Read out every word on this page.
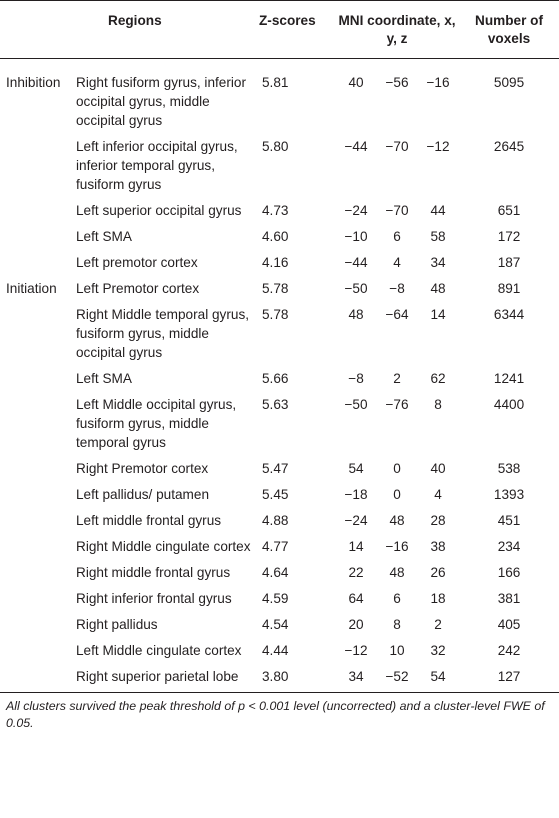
	Regions	Z-scores	MNI coordinate, x, y, z			Number of voxels
Inhibition	Right fusiform gyrus, inferior occipital gyrus, middle occipital gyrus	5.81	40	−56	−16	5095
	Left inferior occipital gyrus, inferior temporal gyrus, fusiform gyrus	5.80	−44	−70	−12	2645
	Left superior occipital gyrus	4.73	−24	−70	44	651
	Left SMA	4.60	−10	6	58	172
	Left premotor cortex	4.16	−44	4	34	187
Initiation	Left Premotor cortex	5.78	−50	−8	48	891
	Right Middle temporal gyrus, fusiform gyrus, middle occipital gyrus	5.78	48	−64	14	6344
	Left SMA	5.66	−8	2	62	1241
	Left Middle occipital gyrus, fusiform gyrus, middle temporal gyrus	5.63	−50	−76	8	4400
	Right Premotor cortex	5.47	54	0	40	538
	Left pallidus/ putamen	5.45	−18	0	4	1393
	Left middle frontal gyrus	4.88	−24	48	28	451
	Right Middle cingulate cortex	4.77	14	−16	38	234
	Right middle frontal gyrus	4.64	22	48	26	166
	Right inferior frontal gyrus	4.59	64	6	18	381
	Right pallidus	4.54	20	8	2	405
	Left Middle cingulate cortex	4.44	−12	10	32	242
	Right superior parietal lobe	3.80	34	−52	54	127
All clusters survived the peak threshold of p < 0.001 level (uncorrected) and a cluster-level FWE of 0.05.
